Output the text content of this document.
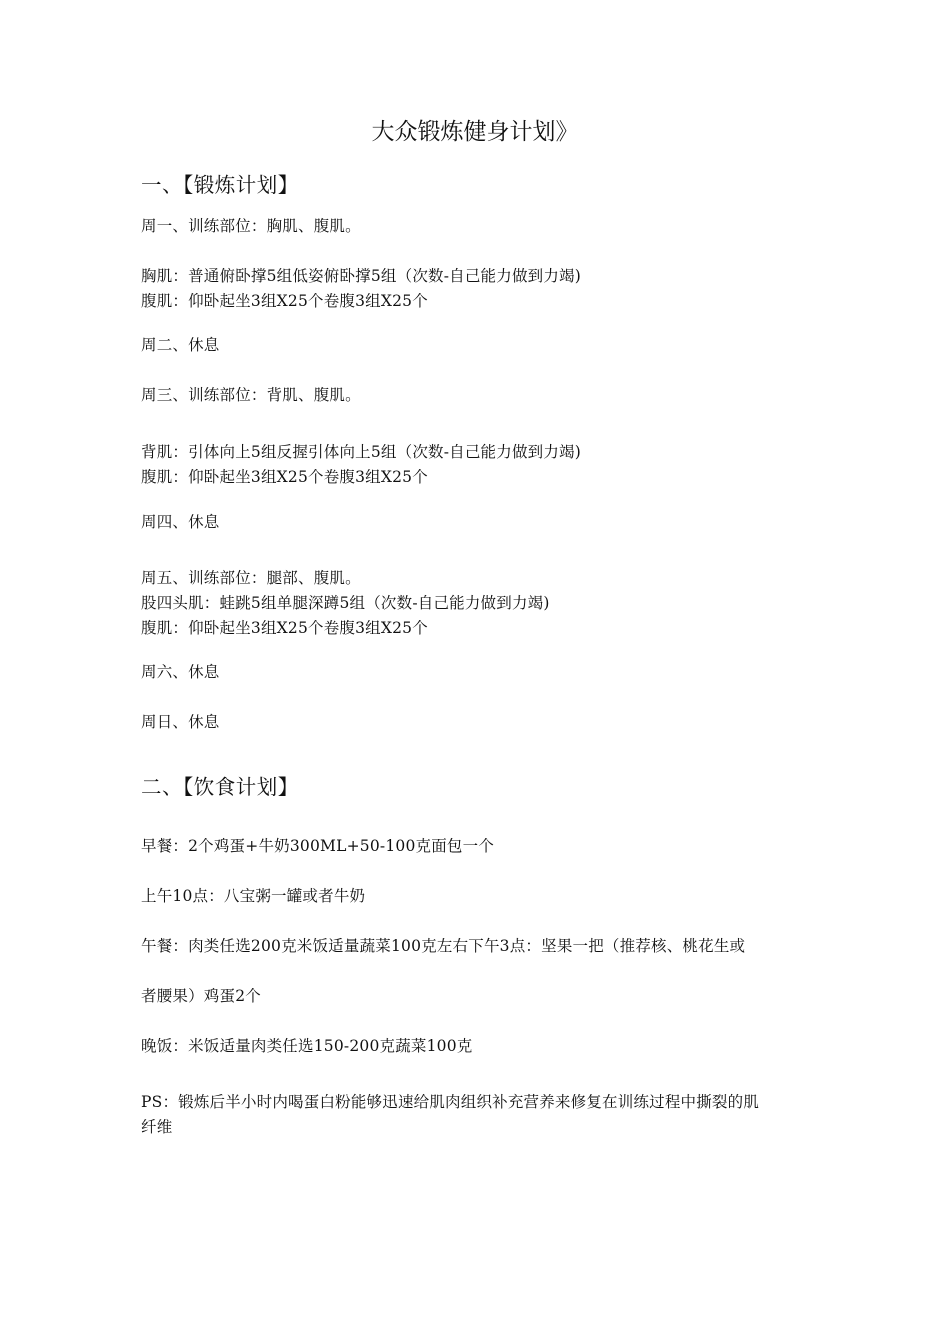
大众锻炼健身计划》
一、【锻炼计划】
周一、训练部位：胸肌、腹肌。
胸肌：普通俯卧撑5组低姿俯卧撑5组（次数-自己能力做到力竭)
腹肌：仰卧起坐3组X25个卷腹3组X25个
周二、休息
周三、训练部位：背肌、腹肌。
背肌：引体向上5组反握引体向上5组（次数-自己能力做到力竭)
腹肌：仰卧起坐3组X25个卷腹3组X25个
周四、休息
周五、训练部位：腿部、腹肌。
股四头肌：蛙跳5组单腿深蹲5组（次数-自己能力做到力竭)
腹肌：仰卧起坐3组X25个卷腹3组X25个
周六、休息
周日、休息
二、【饮食计划】
早餐：2个鸡蛋+牛奶300ML+50-100克面包一个
上午10点：八宝粥一罐或者牛奶
午餐：肉类任选200克米饭适量蔬菜100克左右下午3点：坚果一把（推荐核、桃花生或
者腰果）鸡蛋2个
晚饭：米饭适量肉类任选150-200克蔬菜100克
PS：锻炼后半小时内喝蛋白粉能够迅速给肌肉组织补充营养来修复在训练过程中撕裂的肌
纤维
